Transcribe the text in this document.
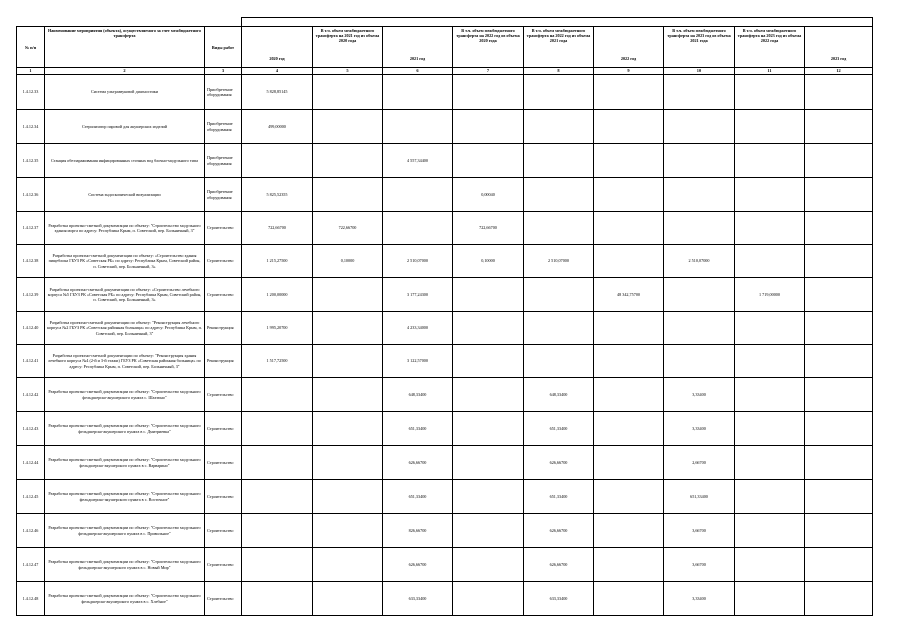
№ п/п	Наименование мероприятия (объекта), осуществляемого за счет межбюджетного трансферта	Виды работ	2020 год	В т.ч. объем межбюджетного трансферта на 2021 год из объема 2020 года	2021 год	В т.ч. объем межбюджетного трансферта на 2022 год из объема 2020 года	В т.ч. объем межбюджетного трансферта на 2022 год из объема 2021 года	2022 год	В т.ч. объем межбюджетного трансферта на 2023 год из объема 2021 года	В т.ч. объем межбюджетного трансферта на 2023 год из объема 2022 года	2023 год
1	2	3	4	5	6	7	8	9	10	11	12
1.4.12.33	Система ультразвуковой диагностики	Приобретение оборудования	5 828,85145								
1.4.12.34	Стерилизатор паровой для акушерских изделий	Приобретение оборудования	499,00000								
1.4.12.35	Станция обеззараживания инфицированных сточных вод блочно-модульного типа	Приобретение оборудования			4 557,34400						
1.4.12.36	Система эндоскопической визуализации	Приобретение оборудования	5 825,52355			0,00040					
1.4.12.37	Разработка проектно-сметной документации по объекту: "Строительство модульного здания морга по адресу: Республика Крым, п. Советский, пер. Больничный, 3"	Строительство	722,66700	722,66700		722,66700					
1.4.12.38	Разработка проектно-сметной документации по объекту: «Строительство здания пищеблока ГБУЗ РК «Советская РБ» по адресу: Республика Крым, Советский район, п. Советский, пер. Больничный, 3»	Строительство	1 215,27500	0,10000	2 510,07000	0,10000	2 510,07000		2 510,07000		
1.4.12.39	Разработка проектно-сметной документации по объекту: «Строительство лечебного корпуса №5 ГБУЗ РК «Советская РБ» по адресу: Республика Крым, Советский район, п. Советский, пер. Больничный, 3»	Строительство	1 200,00000		3 177,24300			48 342,75700		1 719,00000	
1.4.12.40	Разработка проектно-сметной документации по объекту: "Реконструкция лечебного корпуса №2 ГБУЗ РК «Советская районная больница» по адресу: Республика Крым, п. Советский, пер. Больничный, 3"	Реконструкция	1 995,20700		4 233,34000						
1.4.12.41	Разработка проектно-сметной документации по объекту: "Реконструкция здания лечебного корпуса №4 (2-й и 3-й этажи) ГБУЗ РК «Советская районная больница» по адресу: Республика Крым, п. Советский, пер. Больничный, 3"	Реконструкция	1 517,72500		3 122,57000						
1.4.12.42	Разработка проектно-сметной документации по объекту: "Строительство модульного фельдшерско-акушерского пункта с. Шахтино"	Строительство			648,33400		648,33400		3,33400		
1.4.12.43	Разработка проектно-сметной документации по объекту: "Строительство модульного фельдшерско-акушерского пункта в с. Дмитриевка"	Строительство			651,33400		651,33400		3,33400		
1.4.12.44	Разработка проектно-сметной документации по объекту: "Строительство модульного фельдшерско-акушерского пункта в с. Варварино"	Строительство			626,66700		626,66700		2,66700		
1.4.12.45	Разработка проектно-сметной документации по объекту: "Строительство модульного фельдшерско-акушерского пункта в с. Восточное"	Строительство			651,33400		651,33400		651,33400		
1.4.12.46	Разработка проектно-сметной документации по объекту: "Строительство модульного фельдшерско-акушерского пункта в с. Привольное"	Строительство			826,66700		626,66700		3,66700		
1.4.12.47	Разработка проектно-сметной документации по объекту: "Строительство модульного фельдшерско-акушерского пункта в с. Новый Мир"	Строительство			626,66700		626,66700		3,66700		
1.4.12.48	Разработка проектно-сметной документации по объекту: "Строительство модульного фельдшерско-акушерского пункта в с. Хлебное"	Строительство			633,33400		633,33400		3,33400		
